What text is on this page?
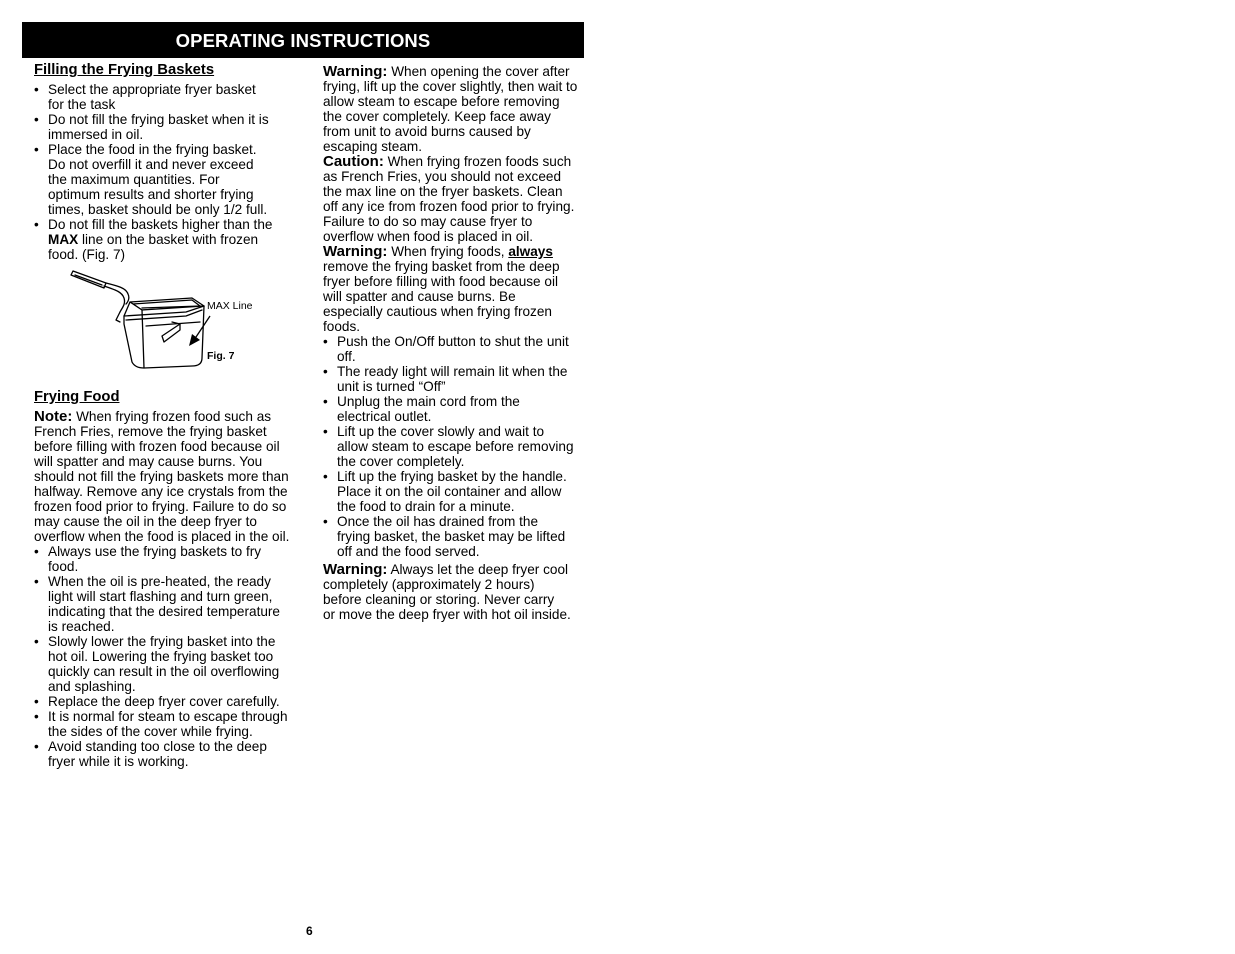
OPERATING INSTRUCTIONS
Filling the Frying Baskets
• Select the appropriate fryer basket
for the task
• Do not fill the frying basket when it is
immersed in oil.
• Place the food in the frying basket.
Do not overfill it and never exceed
the maximum quantities. For
optimum results and shorter frying
times, basket should be only 1/2 full.
• Do not fill the baskets higher than the
MAX line on the basket with frozen
food. (Fig. 7)
MAX Line
Fig. 7
Frying Food

Note: When frying frozen food such as
French Fries, remove the frying basket
before filling with frozen food because oil
will spatter and may cause burns. You
should not fill the frying baskets more than
halfway. Remove any ice crystals from the
frozen food prior to frying. Failure to do so
may cause the oil in the deep fryer to
overflow when the food is placed in the oil.

• Always use the frying baskets to fry
food.
• When the oil is pre-heated, the ready
light will start flashing and turn green,
indicating that the desired temperature
is reached.
• Slowly lower the frying basket into the
hot oil. Lowering the frying basket too
quickly can result in the oil overflowing
and splashing.
• Replace the deep fryer cover carefully.
• It is normal for steam to escape through
the sides of the cover while frying.
• Avoid standing too close to the deep
fryer while it is working.

Warning: When opening the cover after
frying, lift up the cover slightly, then wait to
allow steam to escape before removing
the cover completely. Keep face away
from unit to avoid burns caused by
escaping steam.

Caution: When frying frozen foods such
as French Fries, you should not exceed
the max line on the fryer baskets. Clean
off any ice from frozen food prior to frying.
Failure to do so may cause fryer to
overflow when food is placed in oil.

Warning: When frying foods, always
remove the frying basket from the deep
fryer before filling with food because oil
will spatter and cause burns. Be
especially cautious when frying frozen
foods.

• Push the On/Off button to shut the unit
off.
• The ready light will remain lit when the
unit is turned “Off”
• Unplug the main cord from the
electrical outlet.
• Lift up the cover slowly and wait to
allow steam to escape before removing
the cover completely.
• Lift up the frying basket by the handle.
Place it on the oil container and allow
the food to drain for a minute.
• Once the oil has drained from the
frying basket, the basket may be lifted
off and the food served.

Warning: Always let the deep fryer cool
completely (approximately 2 hours)
before cleaning or storing. Never carry
or move the deep fryer with hot oil inside.

6
